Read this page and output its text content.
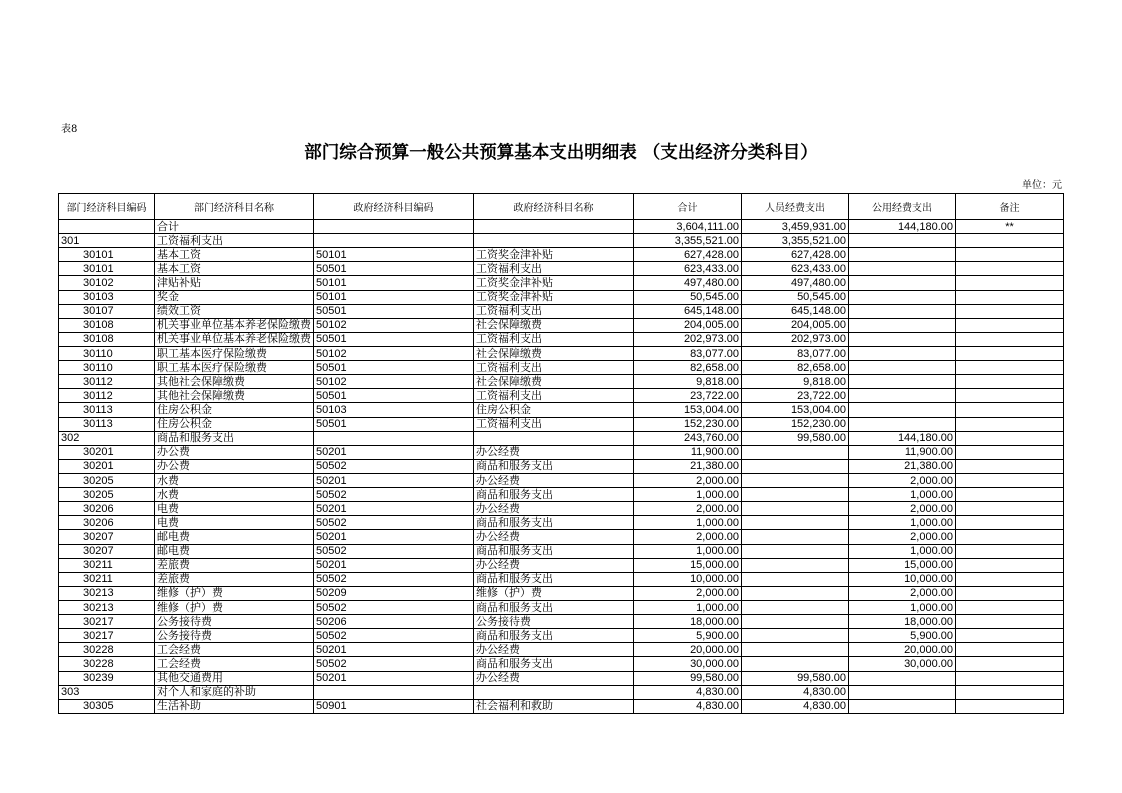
表8
部门综合预算一般公共预算基本支出明细表 （支出经济分类科目）
单位：元
部门经济科目编码	部门经济科目名称	政府经济科目编码	政府经济科目名称	合计	人员经费支出	公用经费支出	备注
	合计			3,604,111.00	3,459,931.00	144,180.00	**
301	工资福利支出			3,355,521.00	3,355,521.00		
30101	基本工资	50101	工资奖金津补贴	627,428.00	627,428.00		
30101	基本工资	50501	工资福利支出	623,433.00	623,433.00		
30102	津贴补贴	50101	工资奖金津补贴	497,480.00	497,480.00		
30103	奖金	50101	工资奖金津补贴	50,545.00	50,545.00		
30107	绩效工资	50501	工资福利支出	645,148.00	645,148.00		
30108	机关事业单位基本养老保险缴费	50102	社会保障缴费	204,005.00	204,005.00		
30108	机关事业单位基本养老保险缴费	50501	工资福利支出	202,973.00	202,973.00		
30110	职工基本医疗保险缴费	50102	社会保障缴费	83,077.00	83,077.00		
30110	职工基本医疗保险缴费	50501	工资福利支出	82,658.00	82,658.00		
30112	其他社会保障缴费	50102	社会保障缴费	9,818.00	9,818.00		
30112	其他社会保障缴费	50501	工资福利支出	23,722.00	23,722.00		
30113	住房公积金	50103	住房公积金	153,004.00	153,004.00		
30113	住房公积金	50501	工资福利支出	152,230.00	152,230.00		
302	商品和服务支出			243,760.00	99,580.00	144,180.00	
30201	办公费	50201	办公经费	11,900.00		11,900.00	
30201	办公费	50502	商品和服务支出	21,380.00		21,380.00	
30205	水费	50201	办公经费	2,000.00		2,000.00	
30205	水费	50502	商品和服务支出	1,000.00		1,000.00	
30206	电费	50201	办公经费	2,000.00		2,000.00	
30206	电费	50502	商品和服务支出	1,000.00		1,000.00	
30207	邮电费	50201	办公经费	2,000.00		2,000.00	
30207	邮电费	50502	商品和服务支出	1,000.00		1,000.00	
30211	差旅费	50201	办公经费	15,000.00		15,000.00	
30211	差旅费	50502	商品和服务支出	10,000.00		10,000.00	
30213	维修（护）费	50209	维修（护）费	2,000.00		2,000.00	
30213	维修（护）费	50502	商品和服务支出	1,000.00		1,000.00	
30217	公务接待费	50206	公务接待费	18,000.00		18,000.00	
30217	公务接待费	50502	商品和服务支出	5,900.00		5,900.00	
30228	工会经费	50201	办公经费	20,000.00		20,000.00	
30228	工会经费	50502	商品和服务支出	30,000.00		30,000.00	
30239	其他交通费用	50201	办公经费	99,580.00	99,580.00		
303	对个人和家庭的补助			4,830.00	4,830.00		
30305	生活补助	50901	社会福利和救助	4,830.00	4,830.00		
